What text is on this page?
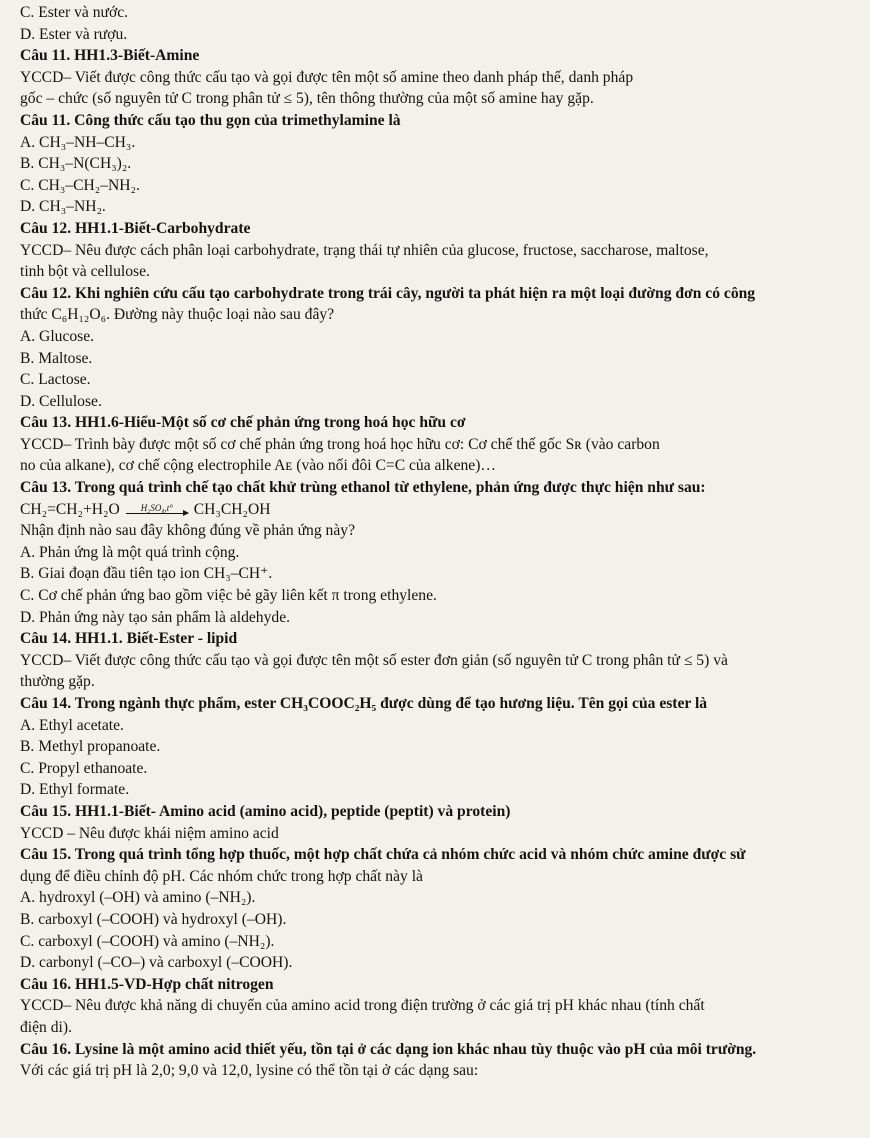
C. Ester và nước.
D. Ester và rượu.
Câu 11. HH1.3-Biết-Amine
YCCD– Viết được công thức cấu tạo và gọi được tên một số amine theo danh pháp thế, danh pháp
gốc – chức (số nguyên tử C trong phân tử ≤ 5), tên thông thường của một số amine hay gặp.
Câu 11. Công thức cấu tạo thu gọn của trimethylamine là
A. CH₃–NH–CH₃.
B. CH₃–N(CH₃)₂.
C. CH₃–CH₂–NH₂.
D. CH₃–NH₂.
Câu 12. HH1.1-Biết-Carbohydrate
YCCD– Nêu được cách phân loại carbohydrate, trạng thái tự nhiên của glucose, fructose, saccharose, maltose,
tinh bột và cellulose.
Câu 12. Khi nghiên cứu cấu tạo carbohydrate trong trái cây, người ta phát hiện ra một loại đường đơn có công
thức C₆H₁₂O₆. Đường này thuộc loại nào sau đây?
A. Glucose.
B. Maltose.
C. Lactose.
D. Cellulose.
Câu 13. HH1.6-Hiểu-Một số cơ chế phản ứng trong hoá học hữu cơ
YCCD– Trình bày được một số cơ chế phản ứng trong hoá học hữu cơ: Cơ chế thế gốc Sʀ (vào carbon
no của alkane), cơ chế cộng electrophile Aᴇ (vào nối đôi C=C của alkene)…
Câu 13. Trong quá trình chế tạo chất khử trùng ethanol từ ethylene, phản ứng được thực hiện như sau:
CH₂=CH₂+H₂O H₂SO₄,t° CH₃CH₂OH
Nhận định nào sau đây không đúng về phản ứng này?
A. Phản ứng là một quá trình cộng.
B. Giai đoạn đầu tiên tạo ion CH₃–CH⁺.
C. Cơ chế phản ứng bao gồm việc bẻ gãy liên kết π trong ethylene.
D. Phản ứng này tạo sản phẩm là aldehyde.
Câu 14. HH1.1. Biết-Ester - lipid
YCCD– Viết được công thức cấu tạo và gọi được tên một số ester đơn giản (số nguyên tử C trong phân tử ≤ 5) và
thường gặp.
Câu 14. Trong ngành thực phẩm, ester CH₃COOC₂H₅ được dùng để tạo hương liệu. Tên gọi của ester là
A. Ethyl acetate.
B. Methyl propanoate.
C. Propyl ethanoate.
D. Ethyl formate.
Câu 15. HH1.1-Biết- Amino acid (amino acid), peptide (peptit) và protein)
YCCD – Nêu được khái niệm amino acid
Câu 15. Trong quá trình tổng hợp thuốc, một hợp chất chứa cả nhóm chức acid và nhóm chức amine được sử
dụng để điều chỉnh độ pH. Các nhóm chức trong hợp chất này là
A. hydroxyl (–OH) và amino (–NH₂).
B. carboxyl (–COOH) và hydroxyl (–OH).
C. carboxyl (–COOH) và amino (–NH₂).
D. carbonyl (–CO–) và carboxyl (–COOH).
Câu 16. HH1.5-VD-Hợp chất nitrogen
YCCD– Nêu được khả năng di chuyển của amino acid trong điện trường ở các giá trị pH khác nhau (tính chất
điện di).
Câu 16. Lysine là một amino acid thiết yếu, tồn tại ở các dạng ion khác nhau tùy thuộc vào pH của môi trường.
Với các giá trị pH là 2,0; 9,0 và 12,0, lysine có thể tồn tại ở các dạng sau:
